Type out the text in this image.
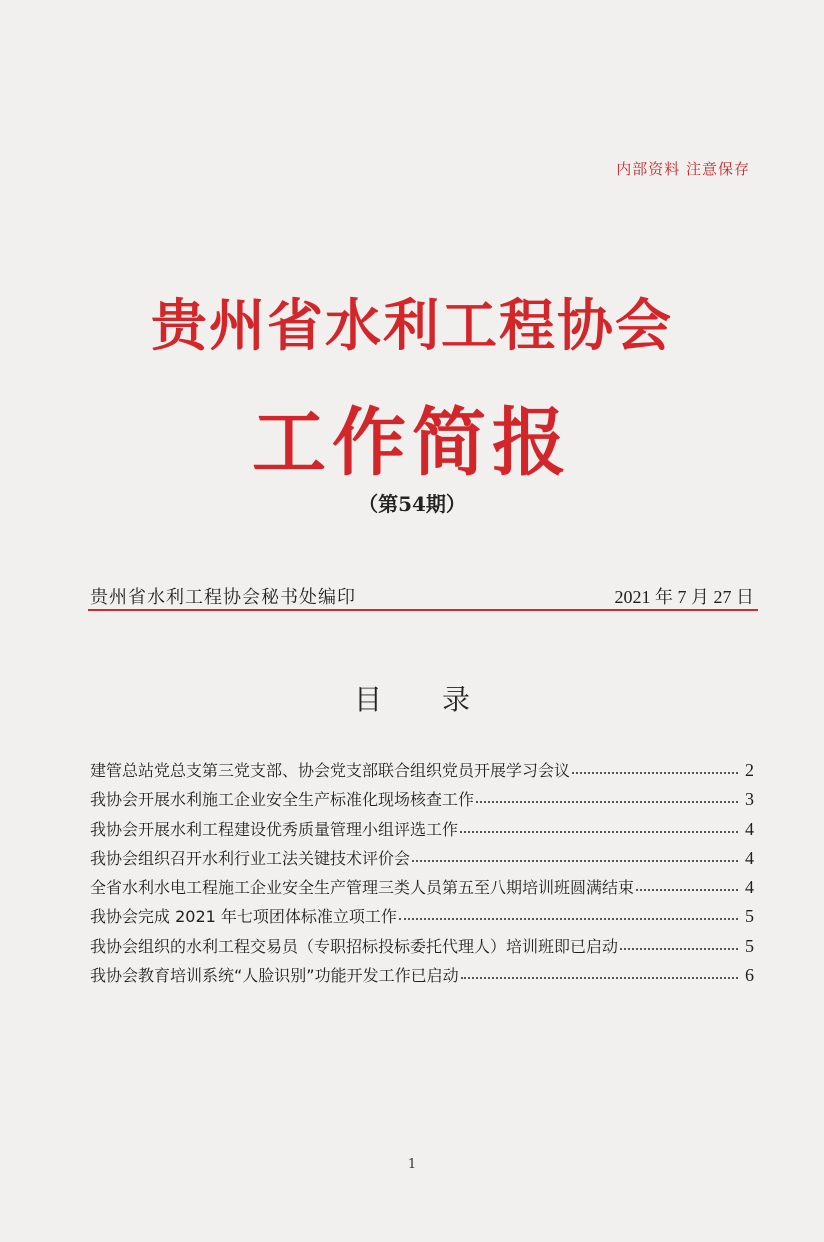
内部资料 注意保存
贵州省水利工程协会
工作简报
（第54期）
贵州省水利工程协会秘书处编印	2021 年 7 月 27 日
目录
建管总站党总支第三党支部、协会党支部联合组织党员开展学习会议	2
我协会开展水利施工企业安全生产标准化现场核查工作	3
我协会开展水利工程建设优秀质量管理小组评选工作	4
我协会组织召开水利行业工法关键技术评价会	4
全省水利水电工程施工企业安全生产管理三类人员第五至八期培训班圆满结束	4
我协会完成 2021 年七项团体标准立项工作	5
我协会组织的水利工程交易员（专职招标投标委托代理人）培训班即已启动	5
我协会教育培训系统“人脸识别”功能开发工作已启动	6
1
